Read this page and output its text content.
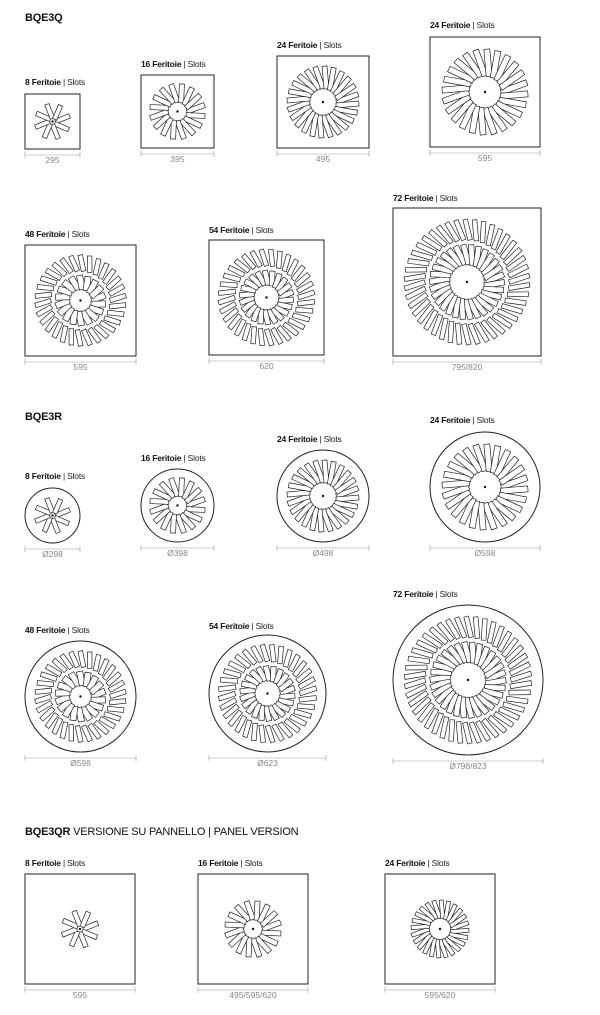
BQE3Q
BQE3R
BQE3QR VERSIONE SU PANNELLO | PANEL VERSION
8 Feritoie | Slots
295
16 Feritoie | Slots
395
24 Feritoie | Slots
495
24 Feritoie | Slots
595
48 Feritoie | Slots
595
54 Feritoie | Slots
620
72 Feritoie | Slots
795/820
8 Feritoie | Slots
Ø298
16 Feritoie | Slots
Ø398
24 Feritoie | Slots
Ø498
24 Feritoie | Slots
Ø598
48 Feritoie | Slots
Ø598
54 Feritoie | Slots
Ø623
72 Feritoie | Slots
Ø798/823
8 Feritoie | Slots
595
16 Feritoie | Slots
495/595/620
24 Feritoie | Slots
595/620
